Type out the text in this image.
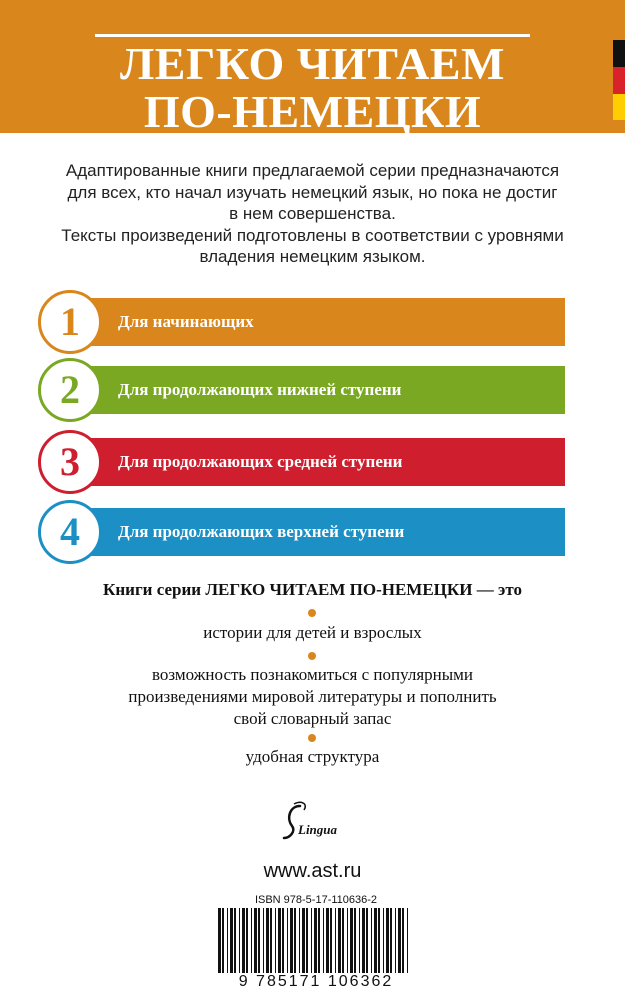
ЛЕГКО ЧИТАЕМ
ПО-НЕМЕЦКИ

Адаптированные книги предлагаемой серии предназначаются

для всех, кто начал изучать немецкий язык, но пока не достиг

в нем совершенства.

Тексты произведений подготовлены в соответствии с уровнями

владения немецким языком.

1 Для начинающих
2 Для продолжающих нижней ступени
3 Для продолжающих средней ступени
4 Для продолжающих верхней ступени
Книги серии ЛЕГКО ЧИТАЕМ ПО-НЕМЕЦКИ — это
истории для детей и взрослых
возможность познакомиться с популярными
произведениями мировой литературы и пополнить
свой словарный запас
удобная структура
Lingua
www.ast.ru
ISBN 978-5-17-110636-2
9 785171 106362
